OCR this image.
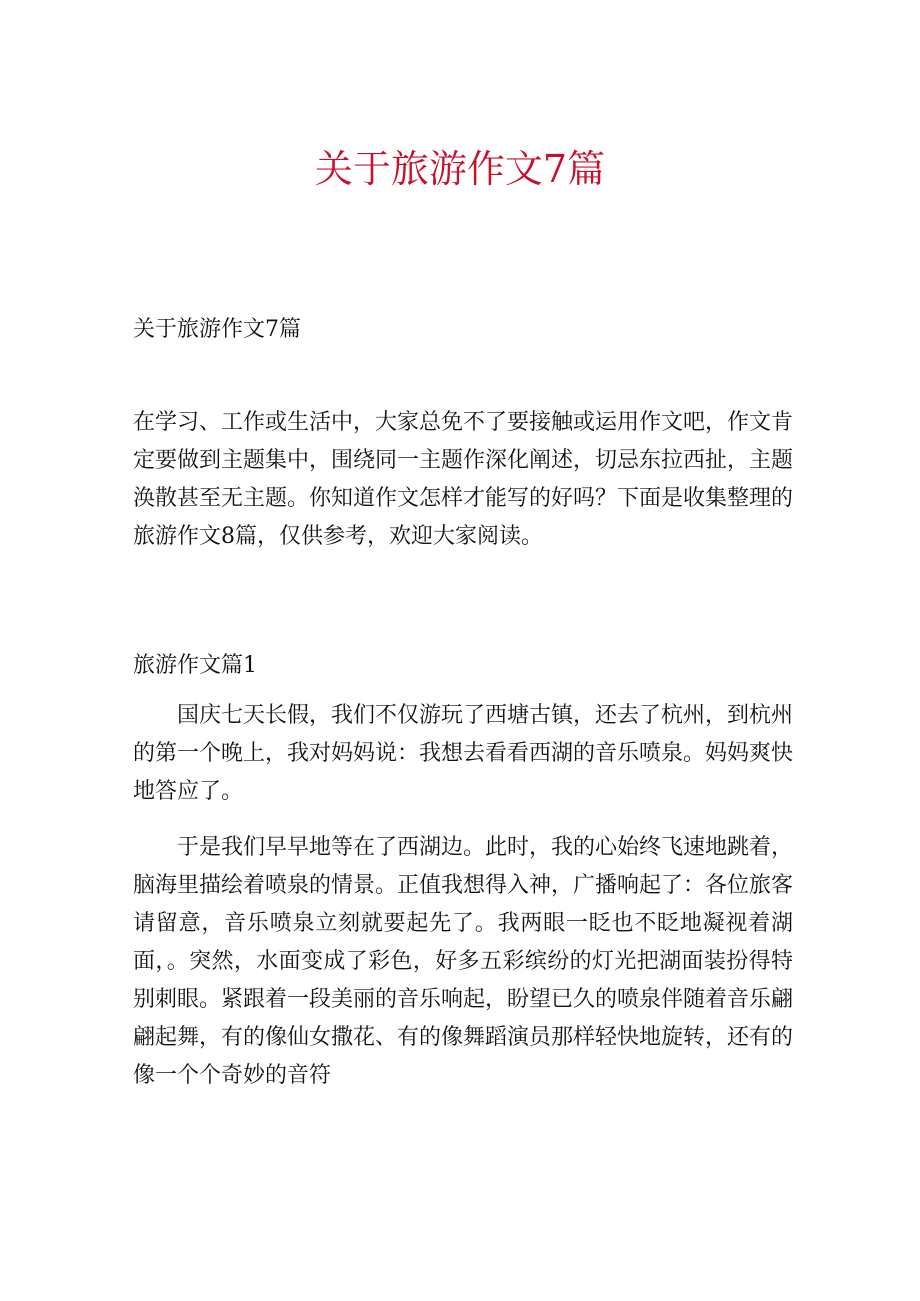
关于旅游作文7篇
关于旅游作文7篇

在学习、工作或生活中，大家总免不了要接触或运用作文吧，作文肯定要做到主题集中，围绕同一主题作深化阐述，切忌东拉西扯，主题涣散甚至无主题。你知道作文怎样才能写的好吗？下面是收集整理的旅游作文8篇，仅供参考，欢迎大家阅读。

旅游作文篇1

国庆七天长假，我们不仅游玩了西塘古镇，还去了杭州，到杭州的第一个晚上，我对妈妈说：我想去看看西湖的音乐喷泉。妈妈爽快地答应了。

于是我们早早地等在了西湖边。此时，我的心始终飞速地跳着，脑海里描绘着喷泉的情景。正值我想得入神，广播响起了：各位旅客请留意，音乐喷泉立刻就要起先了。我两眼一眨也不眨地凝视着湖面，。突然，水面变成了彩色，好多五彩缤纷的灯光把湖面装扮得特别刺眼。紧跟着一段美丽的音乐响起，盼望已久的喷泉伴随着音乐翩翩起舞，有的像仙女撒花、有的像舞蹈演员那样轻快地旋转，还有的像一个个奇妙的音符
